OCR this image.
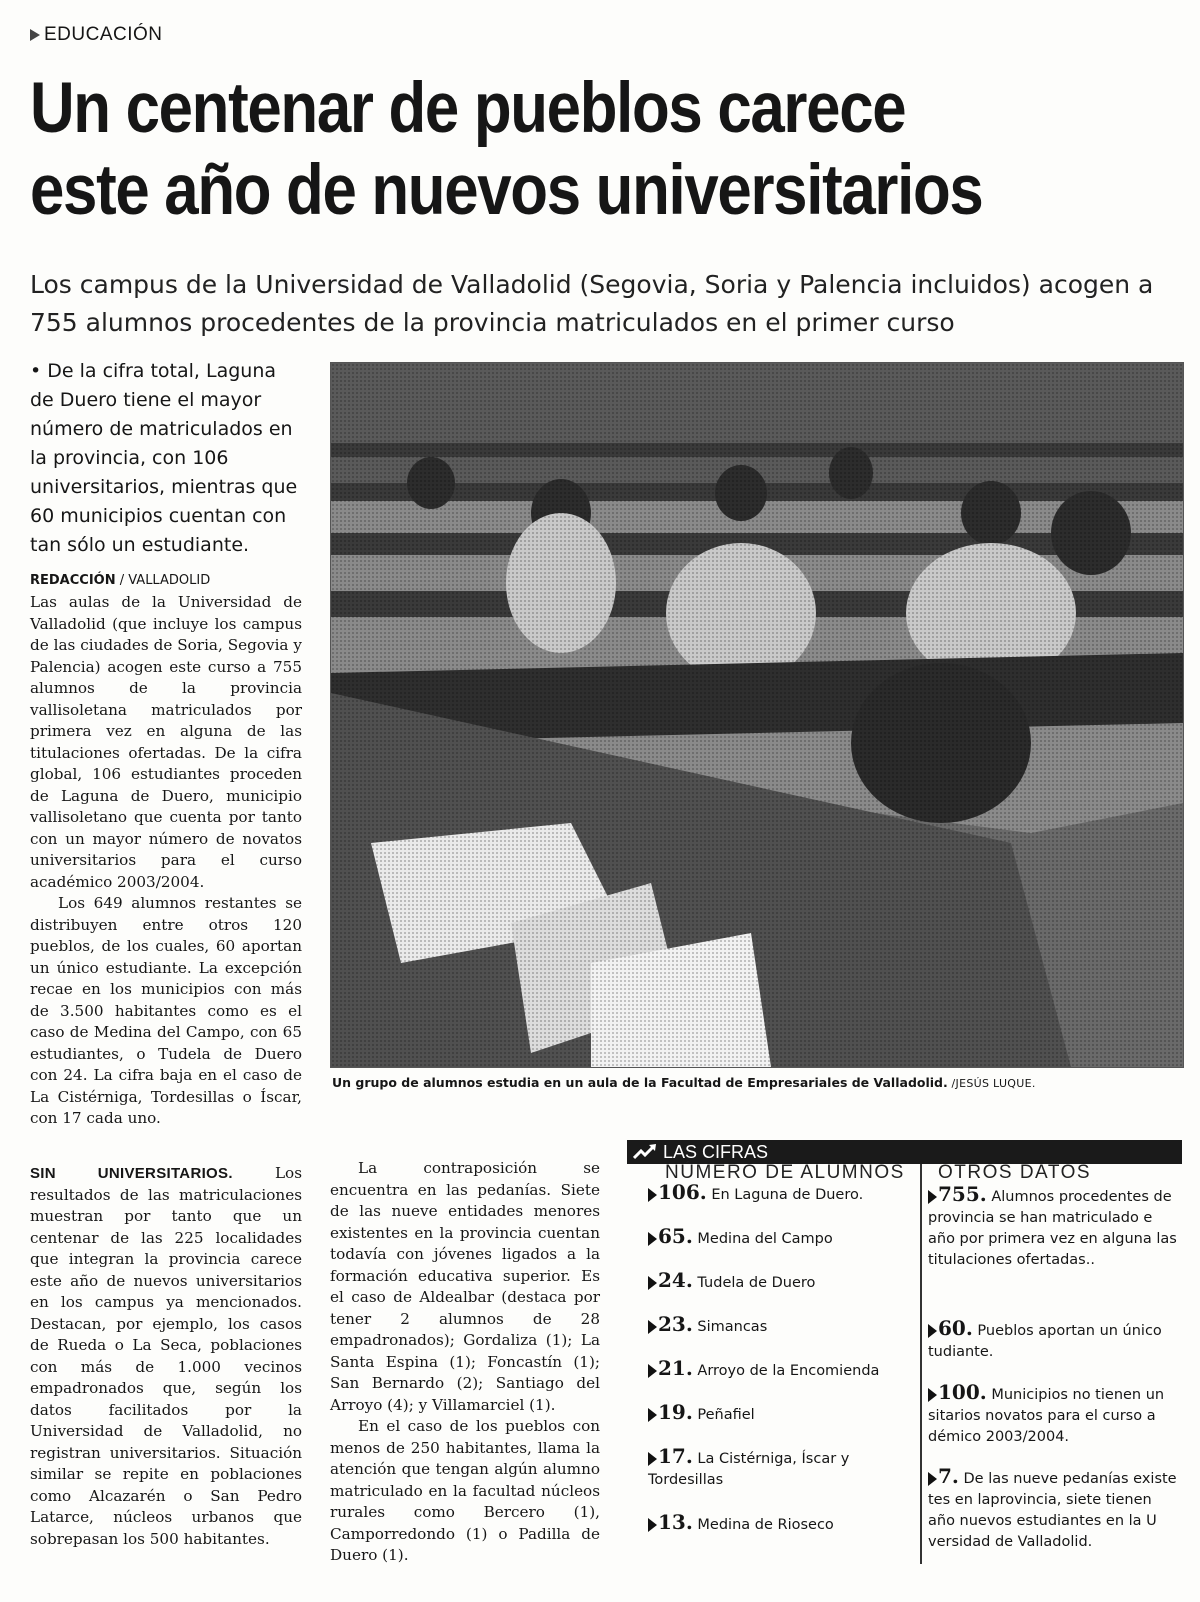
EDUCACIÓN
Un centenar de pueblos carece este año de nuevos universitarios
Los campus de la Universidad de Valladolid (Segovia, Soria y Palencia incluidos) acogen a 755 alumnos procedentes de la provincia matriculados en el primer curso
• De la cifra total, Laguna de Duero tiene el mayor número de matriculados en la provincia, con 106 universitarios, mientras que 60 municipios cuentan con tan sólo un estudiante.
REDACCIÓN / VALLADOLID

Las aulas de la Universidad de Valladolid (que incluye los campus de las ciudades de Soria, Segovia y Palencia) acogen este curso a 755 alumnos de la provincia vallisoletana matriculados por primera vez en alguna de las titulaciones ofertadas. De la cifra global, 106 estudiantes proceden de Laguna de Duero, municipio vallisoletano que cuenta por tanto con un mayor número de novatos universitarios para el curso académico 2003/2004.

Los 649 alumnos restantes se distribuyen entre otros 120 pueblos, de los cuales, 60 aportan un único estudiante. La excepción recae en los municipios con más de 3.500 habitantes como es el caso de Medina del Campo, con 65 estudiantes, o Tudela de Duero con 24. La cifra baja en el caso de La Cistérniga, Tordesillas o Íscar, con 17 cada uno.

SIN UNIVERSITARIOS. Los resultados de las matriculaciones muestran por tanto que un centenar de las 225 localidades que integran la provincia carece este año de nuevos universitarios en los campus ya mencionados. Destacan, por ejemplo, los casos de Rueda o La Seca, poblaciones con más de 1.000 vecinos empadronados que, según los datos facilitados por la Universidad de Valladolid, no registran universitarios. Situación similar se repite en poblaciones como Alcazarén o San Pedro Latarce, núcleos urbanos que sobrepasan los 500 habitantes.

La contraposición se encuentra en las pedanías. Siete de las nueve entidades menores existentes en la provincia cuentan todavía con jóvenes ligados a la formación educativa superior. Es el caso de Aldealbar (destaca por tener 2 alumnos de 28 empadronados); Gordaliza (1); La Santa Espina (1); Foncastín (1); San Bernardo (2); Santiago del Arroyo (4); y Villamarciel (1).

En el caso de los pueblos con menos de 250 habitantes, llama la atención que tengan algún alumno matriculado en la facultad núcleos rurales como Bercero (1), Camporredondo (1) o Padilla de Duero (1).

Un grupo de alumnos estudia en un aula de la Facultad de Empresariales de Valladolid. /JESÚS LUQUE.
LAS CIFRAS
NÚMERO DE ALUMNOS OTROS DATOS
106. En Laguna de Duero.
65. Medina del Campo
24. Tudela de Duero
23. Simancas
21. Arroyo de la Encomienda
19. Peñafiel
17. La Cistérniga, Íscar y Tordesillas
13. Medina de Rioseco
755. Alumnos procedentes de provincia se han matriculado e año por primera vez en alguna las titulaciones ofertadas..
60. Pueblos aportan un único tudiante.
100. Municipios no tienen un sitarios novatos para el curso a démico 2003/2004.
7. De las nueve pedanías existe tes en laprovincia, siete tienen año nuevos estudiantes en la U versidad de Valladolid.
